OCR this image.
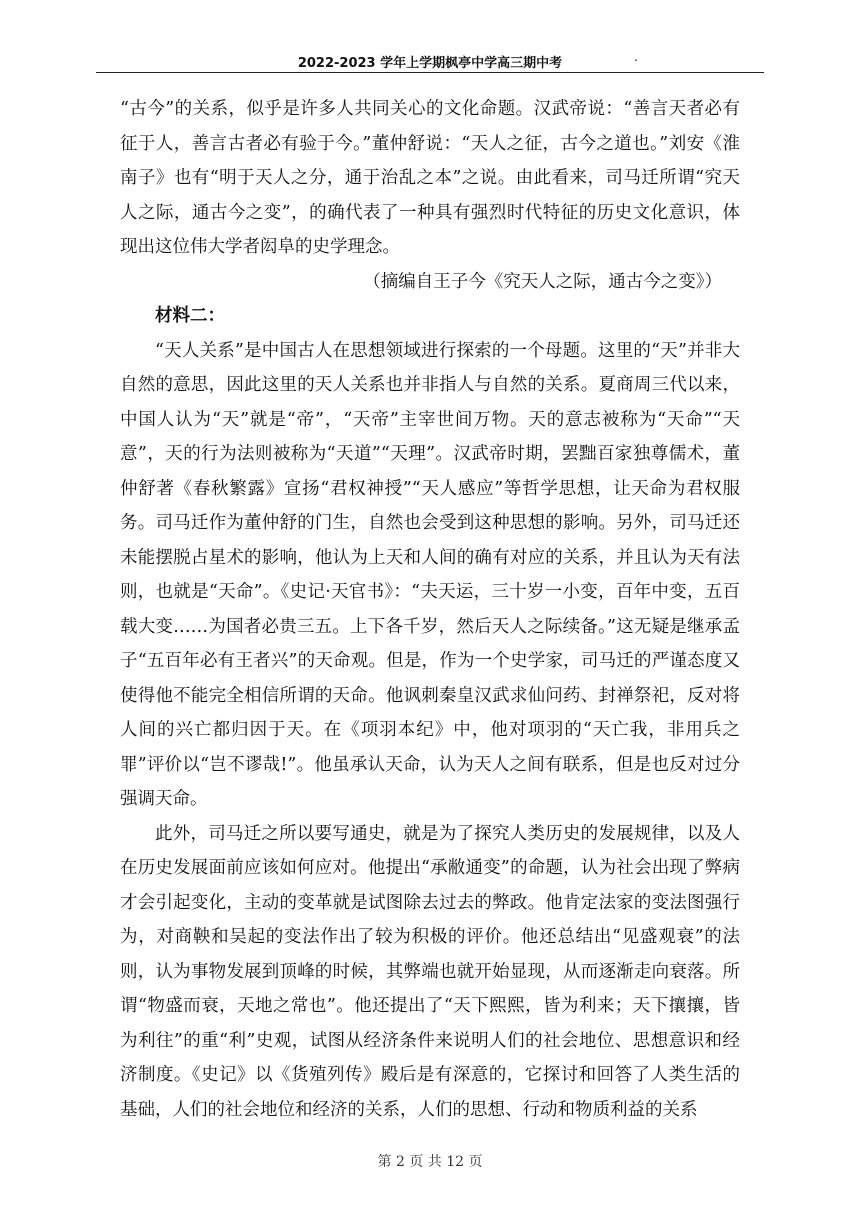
2022-2023 学年上学期枫亭中学高三期中考	.
“古今”的关系，似乎是许多人共同关心的文化命题。汉武帝说：“善言天者必有征于人，善言古者必有验于今。”董仲舒说：“天人之征，古今之道也。”刘安《淮南子》也有“明于天人之分，通于治乱之本”之说。由此看来，司马迁所谓“究天人之际，通古今之变”，的确代表了一种具有强烈时代特征的历史文化意识，体现出这位伟大学者闳阜的史学理念。
（摘编自王子今《究天人之际，通古今之变》）
材料二：
“天人关系”是中国古人在思想领域进行探索的一个母题。这里的“天”并非大自然的意思，因此这里的天人关系也并非指人与自然的关系。夏商周三代以来，中国人认为“天”就是“帝”，“天帝”主宰世间万物。天的意志被称为“天命”“天意”，天的行为法则被称为“天道”“天理”。汉武帝时期，罢黜百家独尊儒术，董仲舒著《春秋繁露》宣扬“君权神授”“天人感应”等哲学思想，让天命为君权服务。司马迁作为董仲舒的门生，自然也会受到这种思想的影响。另外，司马迁还未能摆脱占星术的影响，他认为上天和人间的确有对应的关系，并且认为天有法则，也就是“天命”。《史记·天官书》：“夫天运，三十岁一小变，百年中变，五百载大变……为国者必贵三五。上下各千岁，然后天人之际续备。”这无疑是继承孟子“五百年必有王者兴”的天命观。但是，作为一个史学家，司马迁的严谨态度又使得他不能完全相信所谓的天命。他讽刺秦皇汉武求仙问药、封禅祭祀，反对将人间的兴亡都归因于天。在《项羽本纪》中，他对项羽的“天亡我，非用兵之罪”评价以“岂不谬哉!”。他虽承认天命，认为天人之间有联系，但是也反对过分强调天命。
此外，司马迁之所以要写通史，就是为了探究人类历史的发展规律，以及人在历史发展面前应该如何应对。他提出“承敝通变”的命题，认为社会出现了弊病才会引起变化，主动的变革就是试图除去过去的弊政。他肯定法家的变法图强行为，对商鞅和吴起的变法作出了较为积极的评价。他还总结出“见盛观衰”的法则，认为事物发展到顶峰的时候，其弊端也就开始显现，从而逐渐走向衰落。所谓“物盛而衰，天地之常也”。他还提出了“天下熙熙，皆为利来；天下攘攘，皆为利往”的重“利”史观，试图从经济条件来说明人们的社会地位、思想意识和经济制度。《史记》以《货殖列传》殿后是有深意的，它探讨和回答了人类生活的基础，人们的社会地位和经济的关系，人们的思想、行动和物质利益的关系
第 2 页 共 12 页
